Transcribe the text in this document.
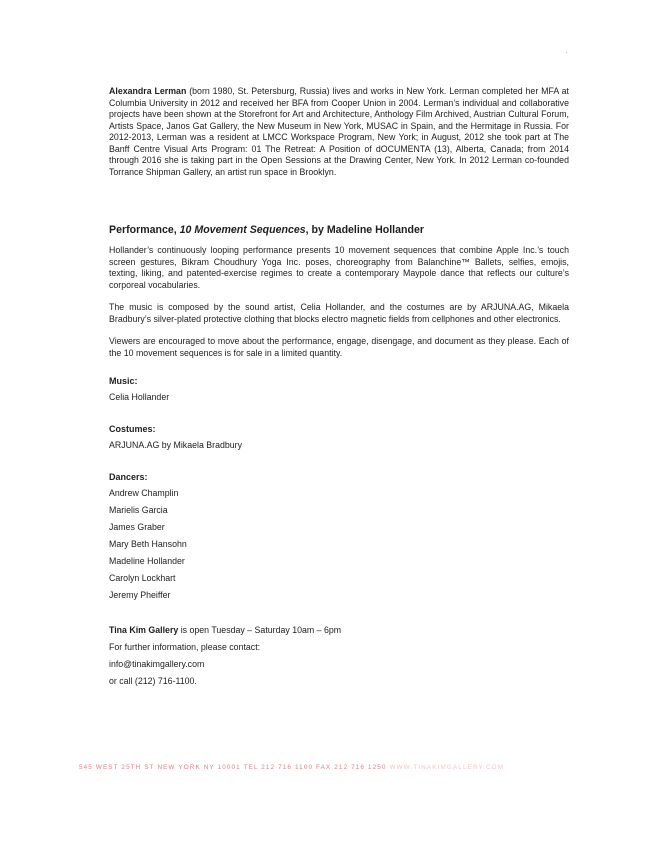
Alexandra Lerman (born 1980, St. Petersburg, Russia) lives and works in New York. Lerman completed her MFA at Columbia University in 2012 and received her BFA from Cooper Union in 2004. Lerman’s individual and collaborative projects have been shown at the Storefront for Art and Architecture, Anthology Film Archived, Austrian Cultural Forum, Artists Space, Janos Gat Gallery, the New Museum in New York, MUSAC in Spain, and the Hermitage in Russia. For 2012-2013, Lerman was a resident at LMCC Workspace Program, New York; in August, 2012 she took part at The Banff Centre Visual Arts Program: 01 The Retreat: A Position of dOCUMENTA (13), Alberta, Canada; from 2014 through 2016 she is taking part in the Open Sessions at the Drawing Center, New York. In 2012 Lerman co-founded Torrance Shipman Gallery, an artist run space in Brooklyn.

Performance, 10 Movement Sequences, by Madeline Hollander

Hollander’s continuously looping performance presents 10 movement sequences that combine Apple Inc.’s touch screen gestures, Bikram Choudhury Yoga Inc. poses, choreography from Balanchine™ Ballets, selfies, emojis, texting, liking, and patented-exercise regimes to create a contemporary Maypole dance that reflects our culture’s corporeal vocabularies.

The music is composed by the sound artist, Celia Hollander, and the costumes are by ARJUNA.AG, Mikaela Bradbury’s silver-plated protective clothing that blocks electro magnetic fields from cellphones and other electronics.

Viewers are encouraged to move about the performance, engage, disengage, and document as they please. Each of the 10 movement sequences is for sale in a limited quantity.

Music:

Celia Hollander

Costumes:

ARJUNA.AG by Mikaela Bradbury

Dancers:

Andrew Champlin

Marielis Garcia

James Graber

Mary Beth Hansohn

Madeline Hollander

Carolyn Lockhart

Jeremy Pheiffer

Tina Kim Gallery is open Tuesday – Saturday 10am – 6pm

For further information, please contact:

info@tinakimgallery.com

or call (212) 716-1100.

545 WEST 25TH ST NEW YORK NY 10001 TEL 212 716 1100 FAX 212 716 1250 WWW.TINAKIMGALLERY.COM
